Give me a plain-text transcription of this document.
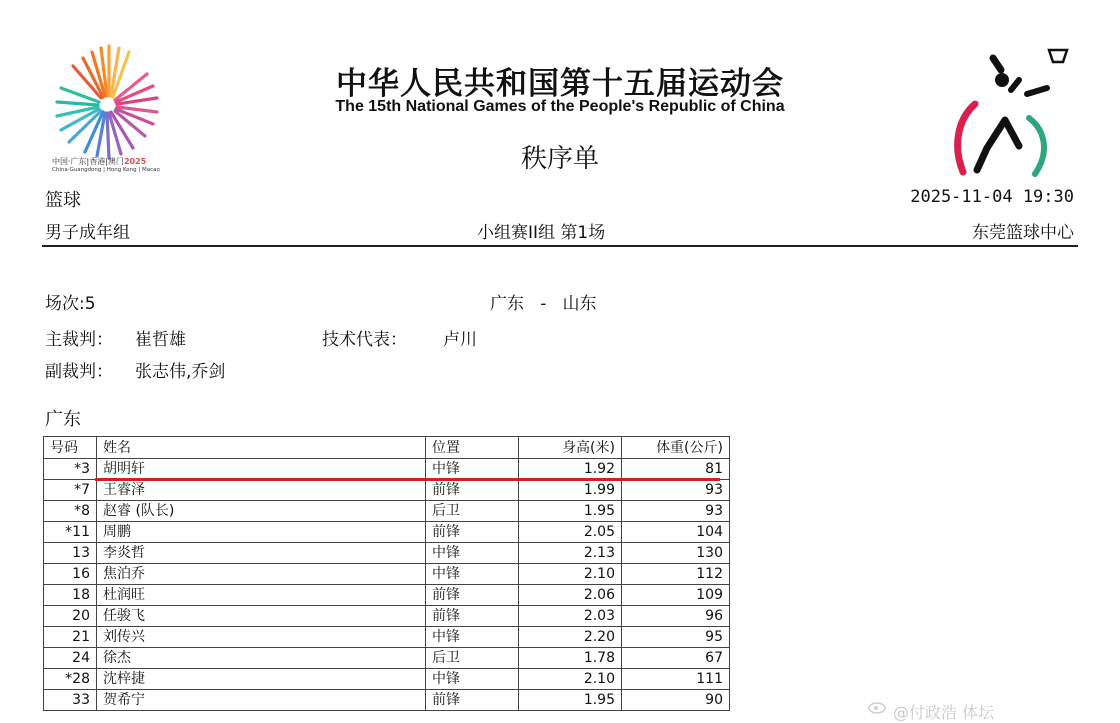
中国·广东|香港|澳门2025
China·Guangdong | Hong Kong | Macao
中华人民共和国第十五届运动会
The 15th National Games of the People's Republic of China
秩序单
篮球	2025-11-04 19:30
男子成年组	小组赛II组 第1场	东莞篮球中心
场次:5	广东   -   山东
主裁判： 崔哲雄	技术代表： 卢川
副裁判： 张志伟,乔剑
广东
号码	姓名	位置	身高(米)	体重(公斤)
*3	胡明轩	中锋	1.92	81
*7	王睿泽	前锋	1.99	93
*8	赵睿 (队长)	后卫	1.95	93
*11	周鹏	前锋	2.05	104
13	李炎哲	中锋	2.13	130
16	焦泊乔	中锋	2.10	112
18	杜润旺	前锋	2.06	109
20	任骏飞	前锋	2.03	96
21	刘传兴	中锋	2.20	95
24	徐杰	后卫	1.78	67
*28	沈梓捷	中锋	2.10	111
33	贺希宁	前锋	1.95	90
@付政浩 体坛
